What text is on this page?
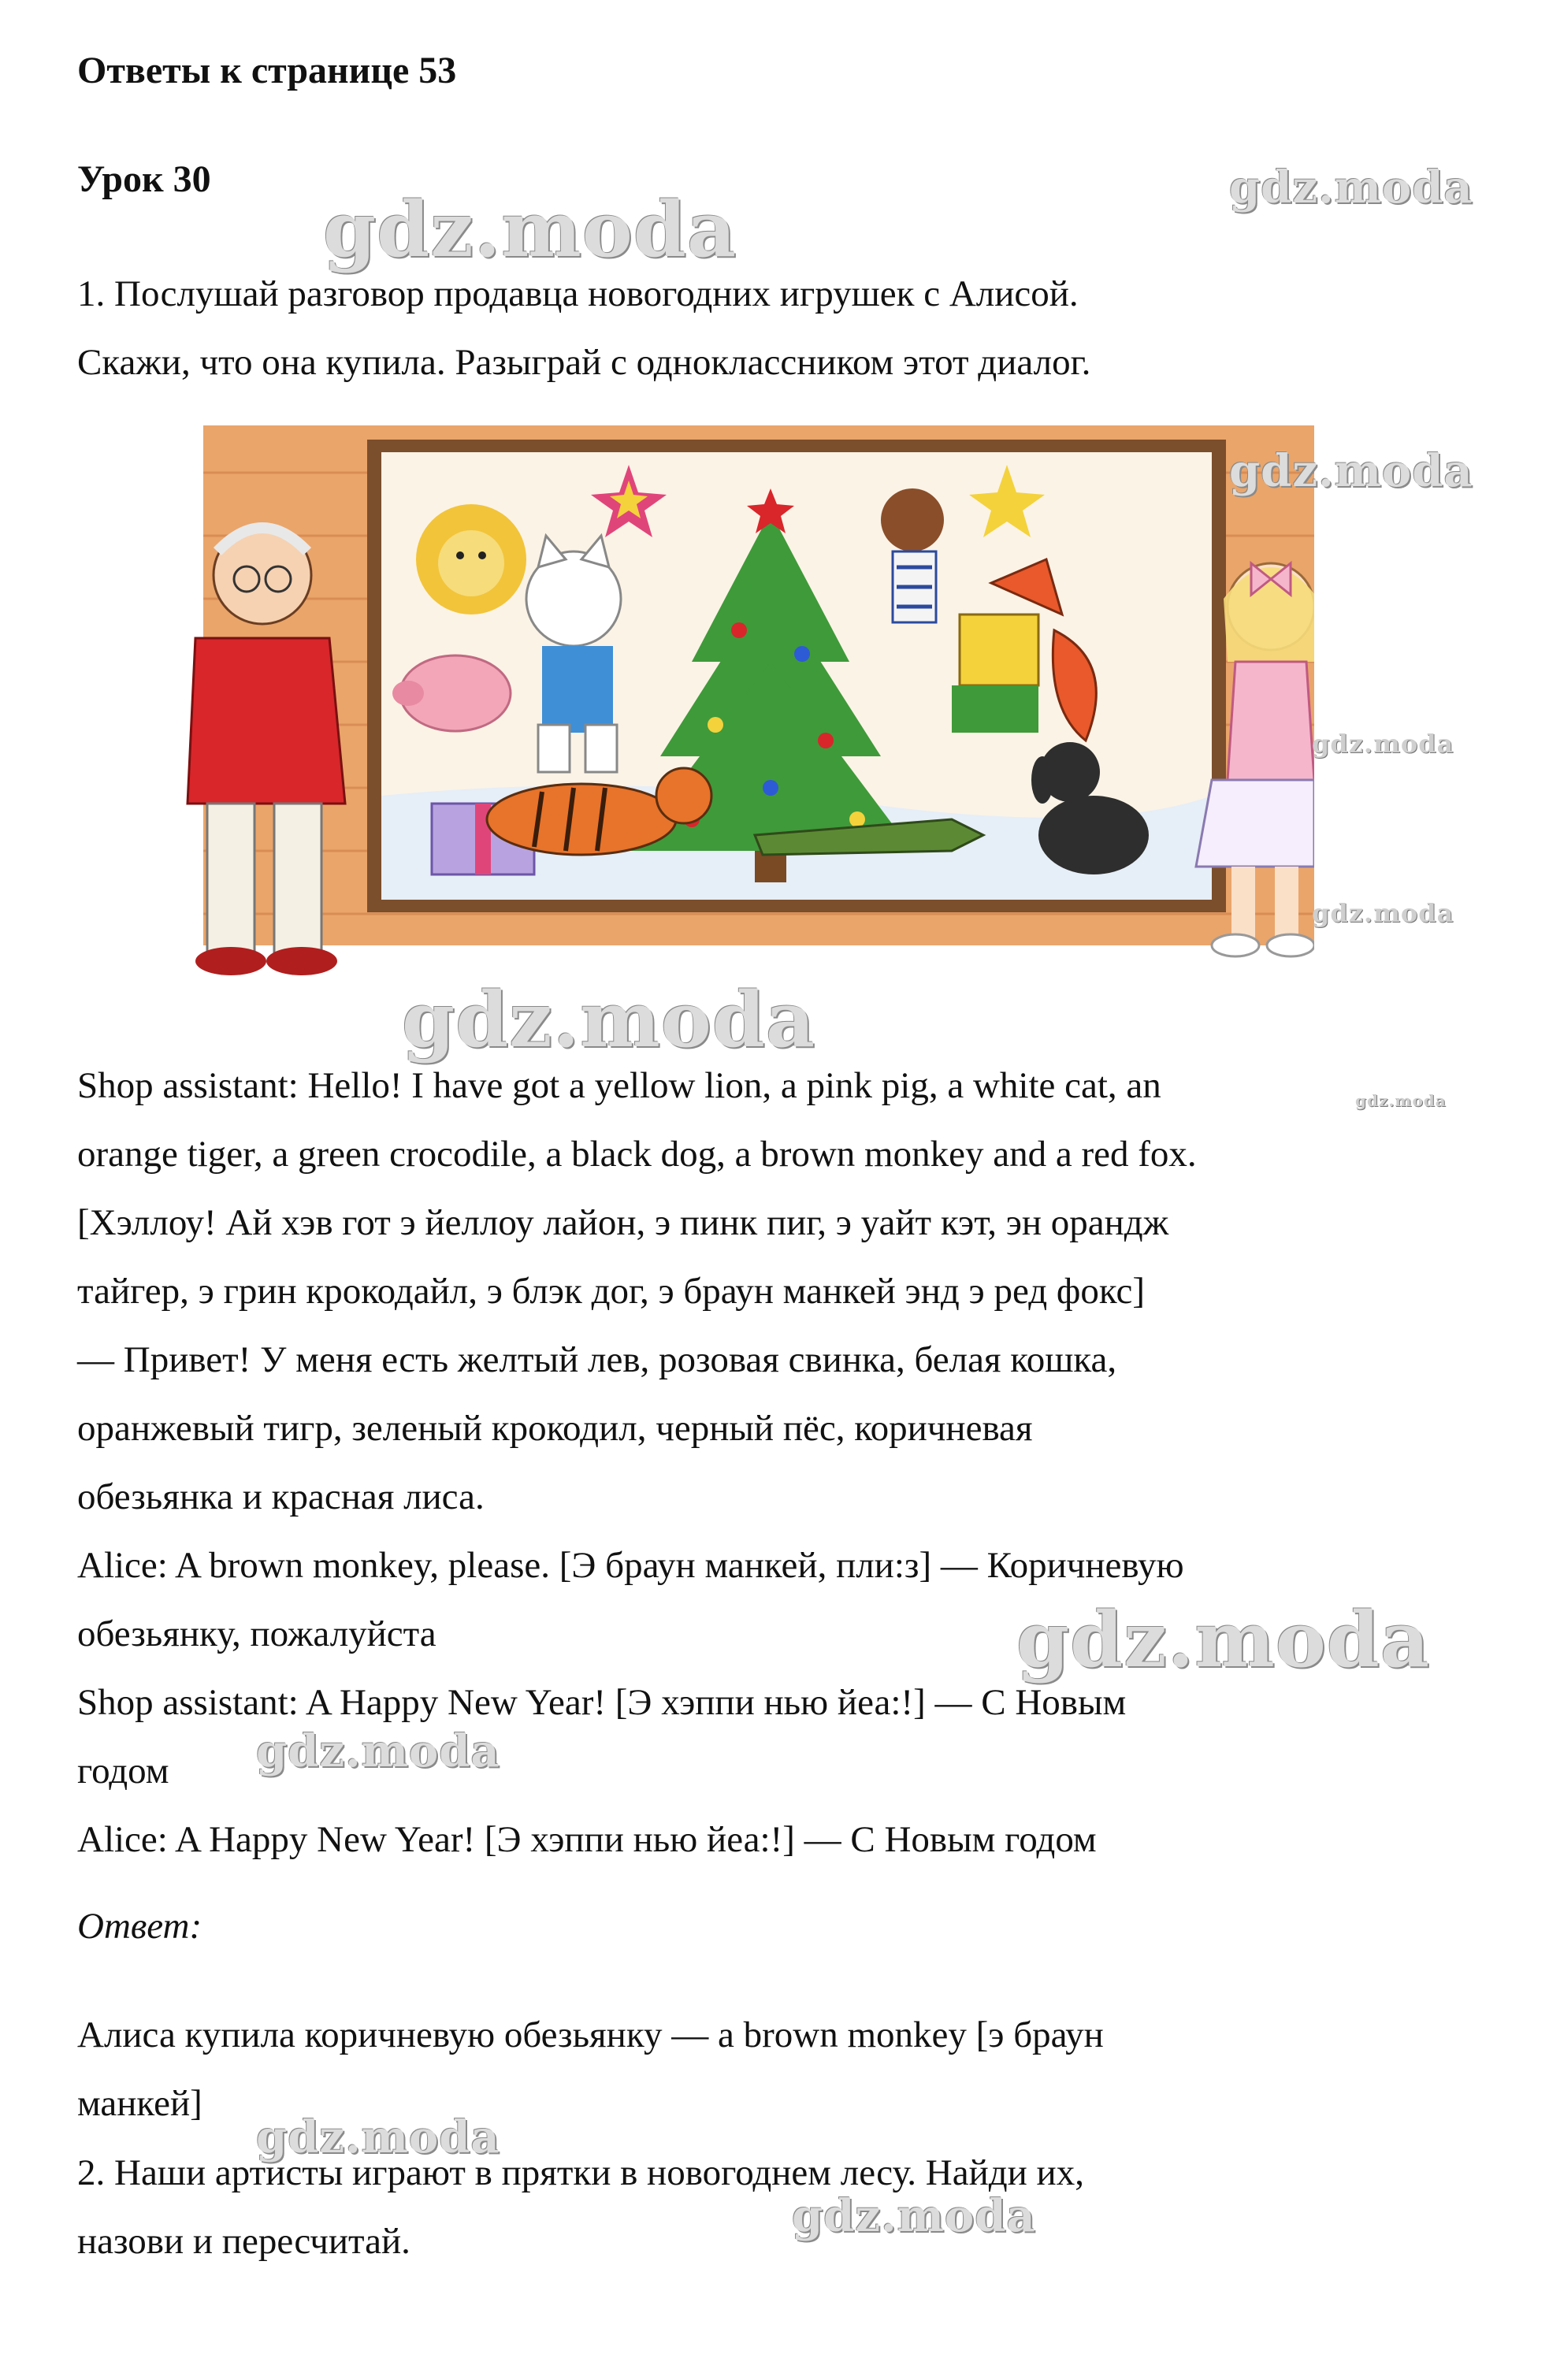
Ответы к странице 53
Урок 30
1. Послушай разговор продавца новогодних игрушек с Алисой.
Скажи, что она купила. Разыграй с одноклассником этот диалог.
Shop assistant: Hello! I have got a yellow lion, a pink pig, a white cat, an
orange tiger, a green crocodile, a black dog, a brown monkey and a red fox.
[Хэллоу! Ай хэв гот э йеллоу лайон, э пинк пиг, э уайт кэт, эн орандж
тайгер, э грин крокодайл, э блэк дог, э браун манкей энд э ред фокс]
— Привет! У меня есть желтый лев, розовая свинка, белая кошка,
оранжевый тигр, зеленый крокодил, черный пёс, коричневая
обезьянка и красная лиса.
Alice: A brown monkey, please. [Э браун манкей, пли:з] — Коричневую
обезьянку, пожалуйста
Shop assistant: A Happy New Year! [Э хэппи нью йеа:!] — С Новым
годом
Alice: A Happy New Year! [Э хэппи нью йеа:!] — С Новым годом
Ответ:
Алиса купила коричневую обезьянку — a brown monkey [э браун
манкей]
2. Наши артисты играют в прятки в новогоднем лесу. Найди их,
назови и пересчитай.
gdz.moda	gdz.moda
gdz.moda
gdz.moda
gdz.moda
gdz.moda
gdz.moda
gdz.moda
gdz.moda
gdz.moda
gdz.moda
